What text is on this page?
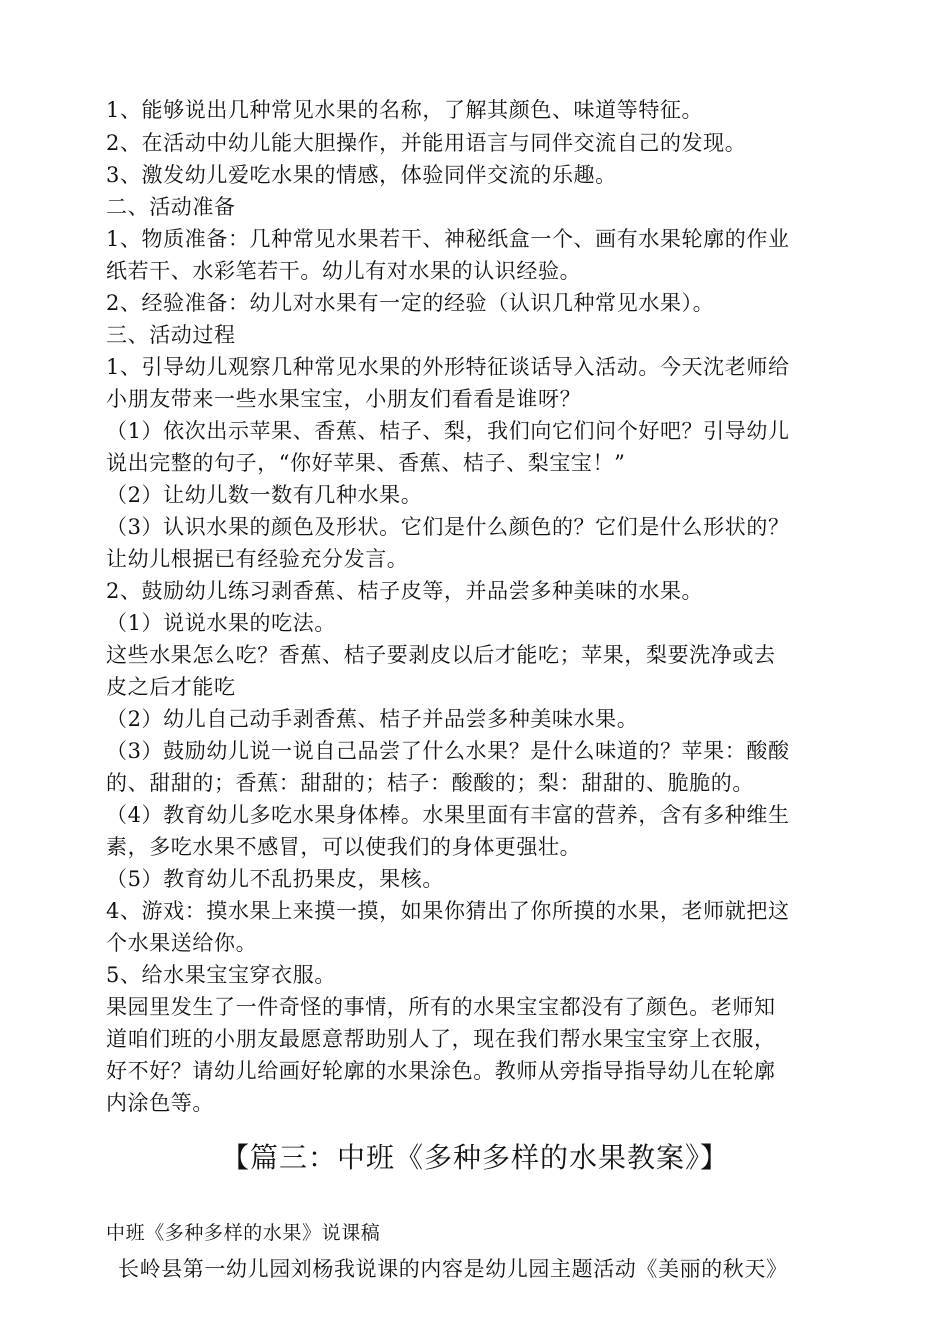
1、能够说出几种常见水果的名称，了解其颜色、味道等特征。
2、在活动中幼儿能大胆操作，并能用语言与同伴交流自己的发现。
3、激发幼儿爱吃水果的情感，体验同伴交流的乐趣。
二、活动准备
1、物质准备：几种常见水果若干、神秘纸盒一个、画有水果轮廓的作业
纸若干、水彩笔若干。幼儿有对水果的认识经验。
2、经验准备：幼儿对水果有一定的经验（认识几种常见水果）。
三、活动过程
1、引导幼儿观察几种常见水果的外形特征谈话导入活动。今天沈老师给
小朋友带来一些水果宝宝，小朋友们看看是谁呀？
（1）依次出示苹果、香蕉、桔子、梨，我们向它们问个好吧？引导幼儿
说出完整的句子，“你好苹果、香蕉、桔子、梨宝宝！”
（2）让幼儿数一数有几种水果。
（3）认识水果的颜色及形状。它们是什么颜色的？它们是什么形状的？
让幼儿根据已有经验充分发言。
2、鼓励幼儿练习剥香蕉、桔子皮等，并品尝多种美味的水果。
（1）说说水果的吃法。
这些水果怎么吃？香蕉、桔子要剥皮以后才能吃；苹果，梨要洗净或去
皮之后才能吃
（2）幼儿自己动手剥香蕉、桔子并品尝多种美味水果。
（3）鼓励幼儿说一说自己品尝了什么水果？是什么味道的？苹果：酸酸
的、甜甜的；香蕉：甜甜的；桔子：酸酸的；梨：甜甜的、脆脆的。
（4）教育幼儿多吃水果身体棒。水果里面有丰富的营养，含有多种维生
素，多吃水果不感冒，可以使我们的身体更强壮。
（5）教育幼儿不乱扔果皮，果核。
4、游戏：摸水果上来摸一摸，如果你猜出了你所摸的水果，老师就把这
个水果送给你。
5、给水果宝宝穿衣服。
果园里发生了一件奇怪的事情，所有的水果宝宝都没有了颜色。老师知
道咱们班的小朋友最愿意帮助别人了，现在我们帮水果宝宝穿上衣服，
好不好？请幼儿给画好轮廓的水果涂色。教师从旁指导指导幼儿在轮廓
内涂色等。
【篇三：中班《多种多样的水果教案》】
中班《多种多样的水果》说课稿
长岭县第一幼儿园刘杨我说课的内容是幼儿园主题活动《美丽的秋天》
